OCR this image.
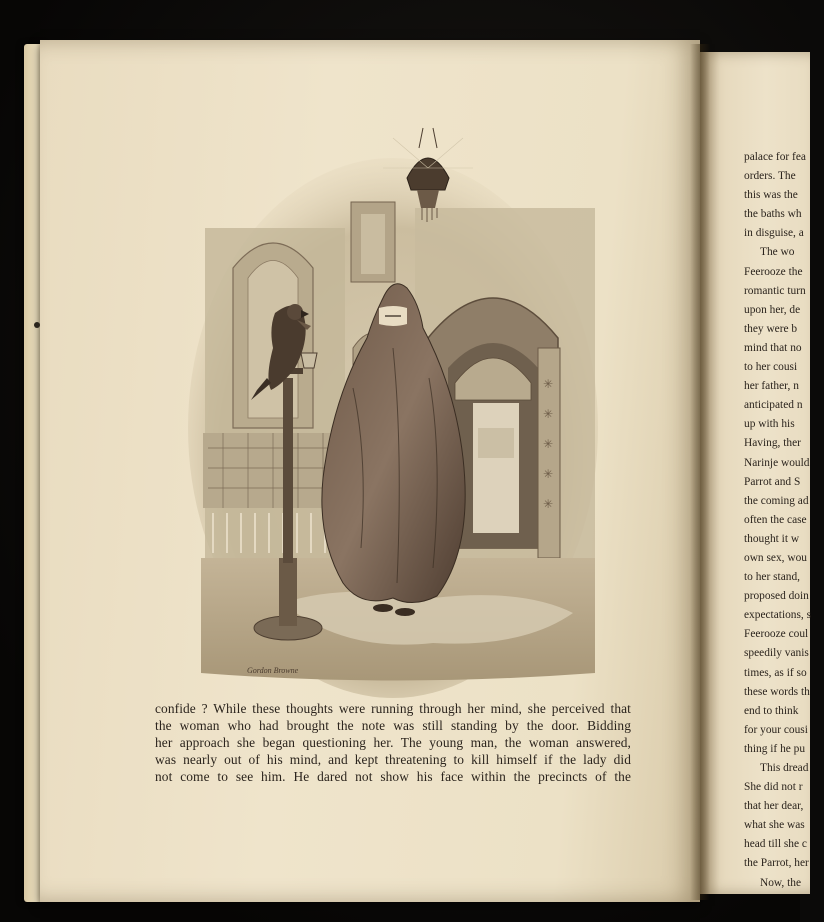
palace for fea
orders. The
this was the
the baths wh
in disguise, a
The wo
Feerooze the
romantic turn
upon her, de
they were b
mind that no
to her cousi
her father, n
anticipated n
up with his
Having, ther
Narinje would
Parrot and S
the coming ad
often the case
thought it w
own sex, wou
to her stand,
proposed doin
expectations, s
Feerooze coul
speedily vanis
times, as if so
these words th
end to think
for your cousi
thing if he pu
This dread
She did not r
that her dear,
what she was
head till she c
the Parrot, her
Now, the
✳
✳
✳
✳
✳
Gordon Browne
confide ? While these thoughts were running through her mind, she perceived that
the woman who had brought the note was still standing by the door. Bidding
her approach she began questioning her. The young man, the woman answered,
was nearly out of his mind, and kept threatening to kill himself if the lady did
not come to see him. He dared not show his face within the precincts of the
